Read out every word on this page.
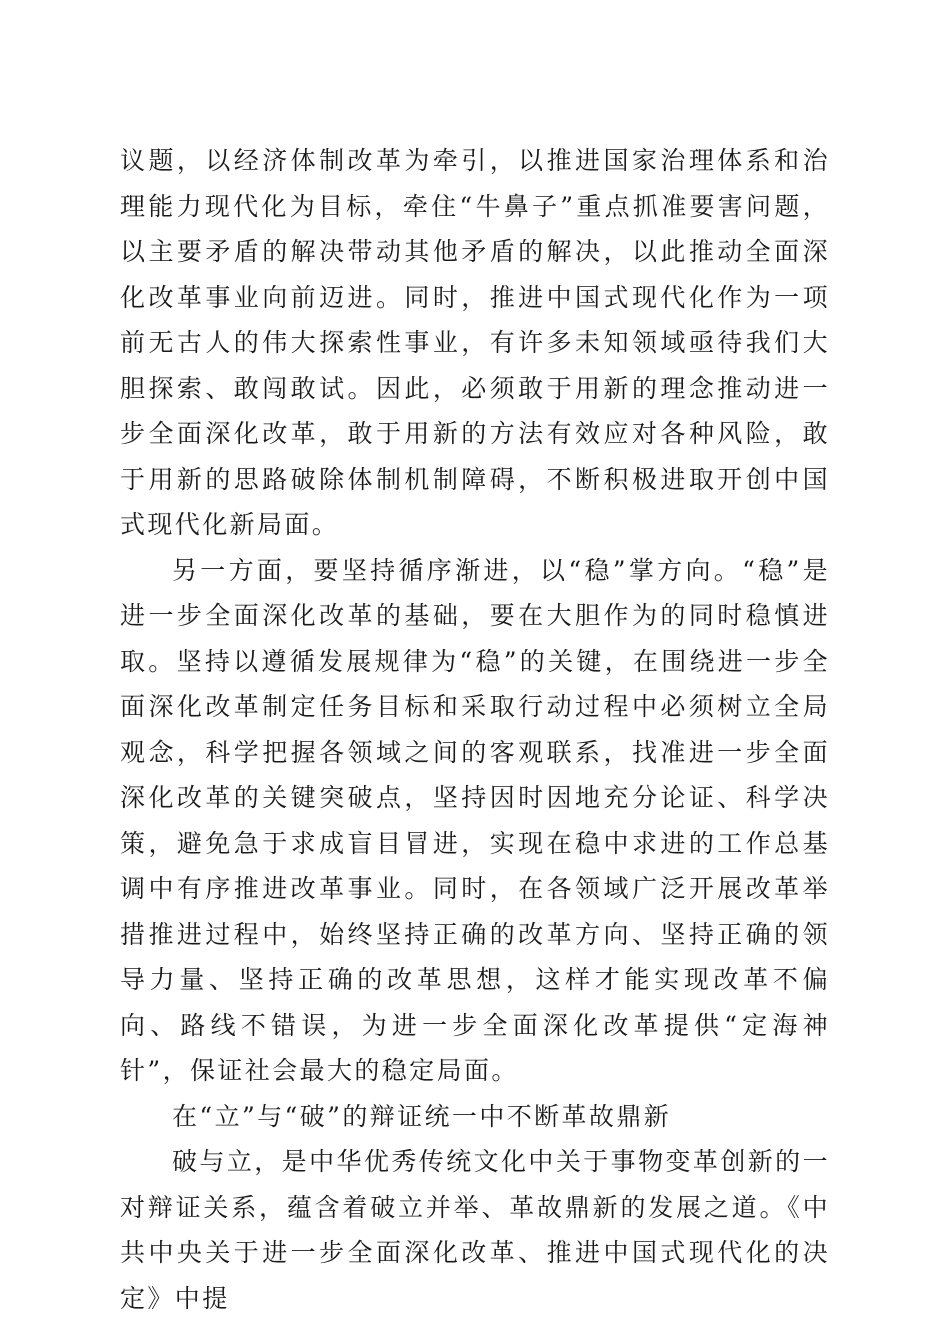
议题，以经济体制改革为牵引，以推进国家治理体系和治理能力现代化为目标，牵住“牛鼻子”重点抓准要害问题，以主要矛盾的解决带动其他矛盾的解决，以此推动全面深化改革事业向前迈进。同时，推进中国式现代化作为一项前无古人的伟大探索性事业，有许多未知领域亟待我们大胆探索、敢闯敢试。因此，必须敢于用新的理念推动进一步全面深化改革，敢于用新的方法有效应对各种风险，敢于用新的思路破除体制机制障碍，不断积极进取开创中国式现代化新局面。

另一方面，要坚持循序渐进，以“稳”掌方向。“稳”是进一步全面深化改革的基础，要在大胆作为的同时稳慎进取。坚持以遵循发展规律为“稳”的关键，在围绕进一步全面深化改革制定任务目标和采取行动过程中必须树立全局观念，科学把握各领域之间的客观联系，找准进一步全面深化改革的关键突破点，坚持因时因地充分论证、科学决策，避免急于求成盲目冒进，实现在稳中求进的工作总基调中有序推进改革事业。同时，在各领域广泛开展改革举措推进过程中，始终坚持正确的改革方向、坚持正确的领导力量、坚持正确的改革思想，这样才能实现改革不偏向、路线不错误，为进一步全面深化改革提供“定海神针”，保证社会最大的稳定局面。

在“立”与“破”的辩证统一中不断革故鼎新

破与立，是中华优秀传统文化中关于事物变革创新的一对辩证关系，蕴含着破立并举、革故鼎新的发展之道。《中共中央关于进一步全面深化改革、推进中国式现代化的决定》中提
